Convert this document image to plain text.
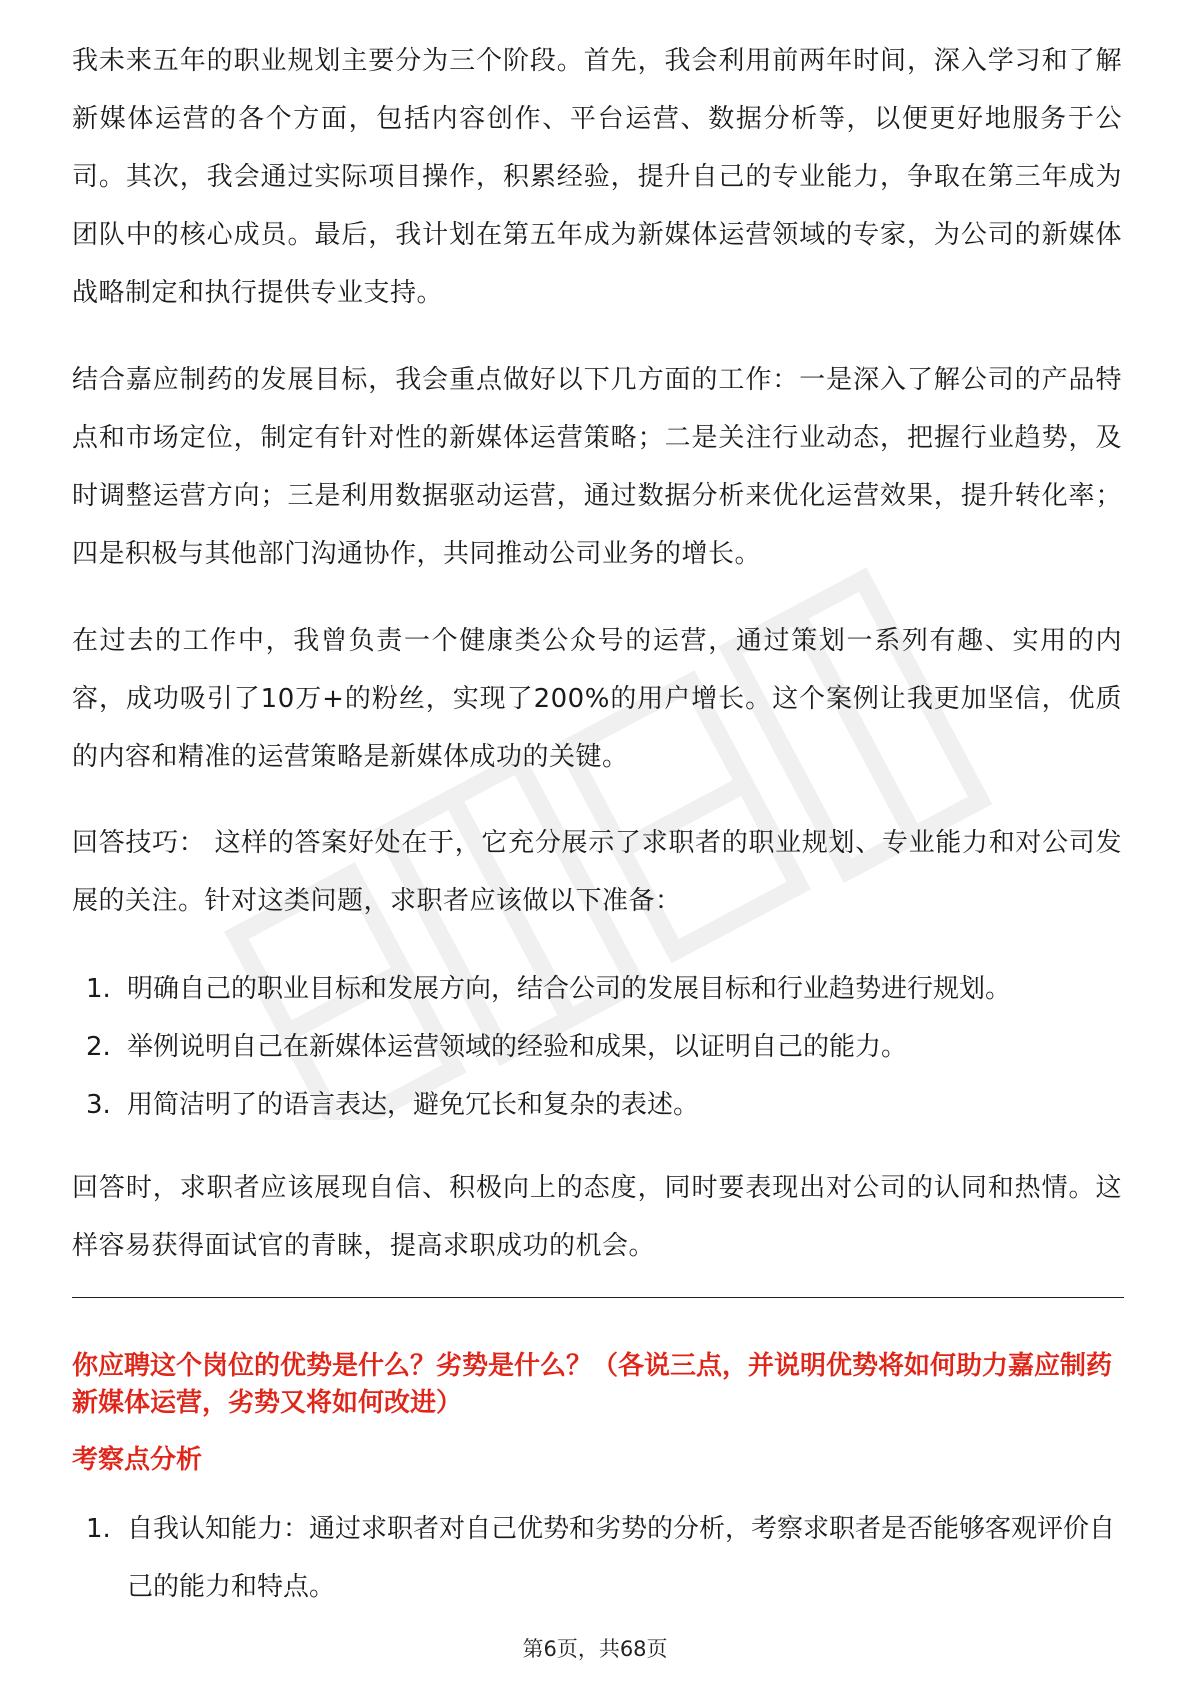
我未来五年的职业规划主要分为三个阶段。首先，我会利用前两年时间，深入学习和了解新媒体运营的各个方面，包括内容创作、平台运营、数据分析等，以便更好地服务于公司。其次，我会通过实际项目操作，积累经验，提升自己的专业能力，争取在第三年成为团队中的核心成员。最后，我计划在第五年成为新媒体运营领域的专家，为公司的新媒体战略制定和执行提供专业支持。

结合嘉应制药的发展目标，我会重点做好以下几方面的工作：一是深入了解公司的产品特点和市场定位，制定有针对性的新媒体运营策略；二是关注行业动态，把握行业趋势，及时调整运营方向；三是利用数据驱动运营，通过数据分析来优化运营效果，提升转化率；四是积极与其他部门沟通协作，共同推动公司业务的增长。

在过去的工作中，我曾负责一个健康类公众号的运营，通过策划一系列有趣、实用的内容，成功吸引了10万+的粉丝，实现了200%的用户增长。这个案例让我更加坚信，优质的内容和精准的运营策略是新媒体成功的关键。

回答技巧： 这样的答案好处在于，它充分展示了求职者的职业规划、专业能力和对公司发展的关注。针对这类问题，求职者应该做以下准备：

1. 明确自己的职业目标和发展方向，结合公司的发展目标和行业趋势进行规划。
2. 举例说明自己在新媒体运营领域的经验和成果，以证明自己的能力。
3. 用简洁明了的语言表达，避免冗长和复杂的表述。

回答时，求职者应该展现自信、积极向上的态度，同时要表现出对公司的认同和热情。这样容易获得面试官的青睐，提高求职成功的机会。

1. 自我认知能力：通过求职者对自己优势和劣势的分析，考察求职者是否能够客观评价自己的能力和特点。

你应聘这个岗位的优势是什么？劣势是什么？（各说三点，并说明优势将如何助力嘉应制药新媒体运营，劣势又将如何改进）

考察点分析

第6页，共68页
